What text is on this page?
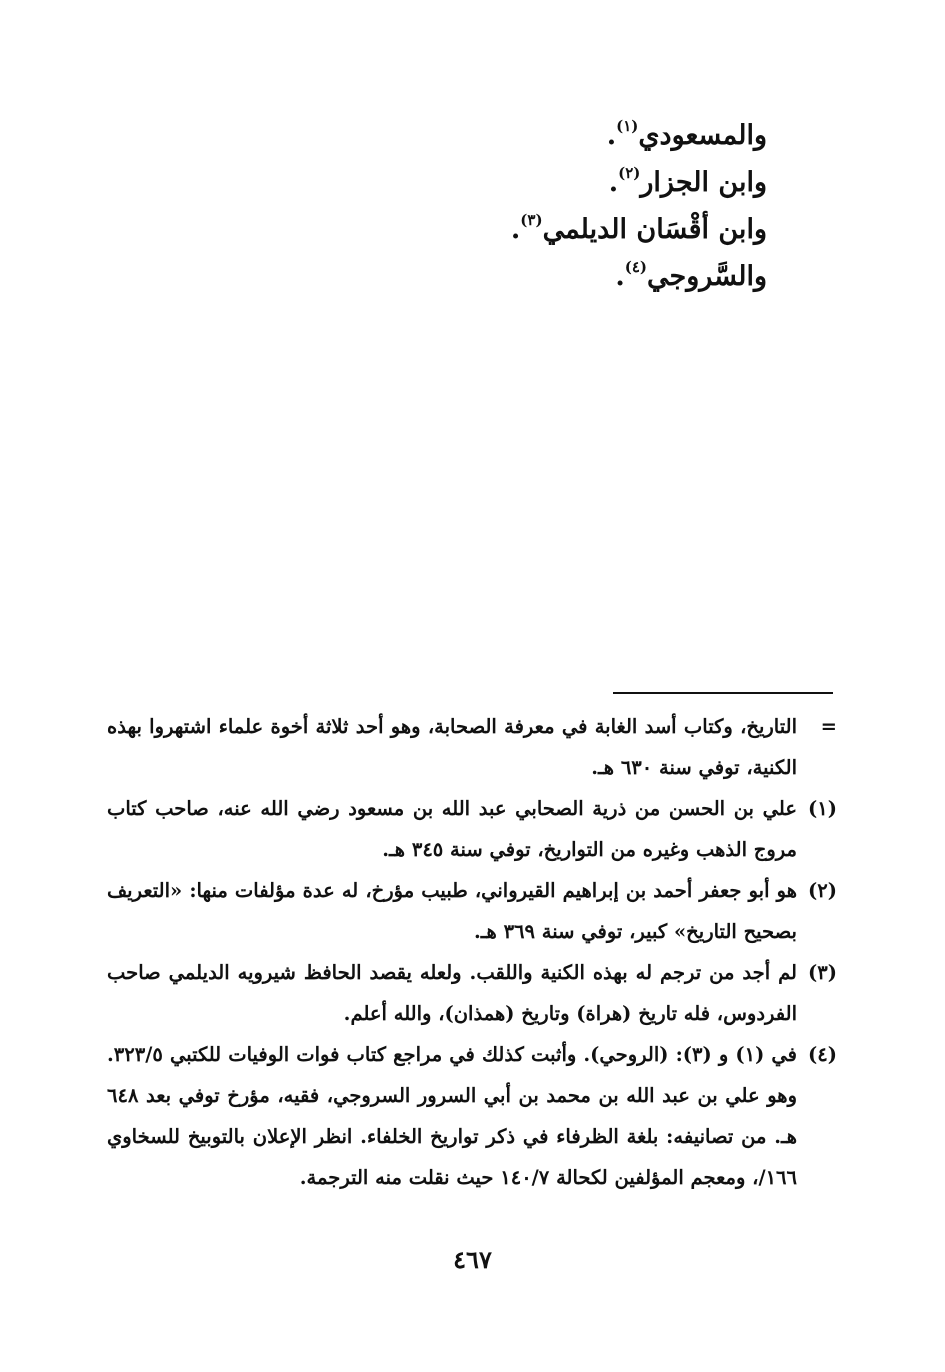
والمسعودي$^{(١)}$.
وابن الجزار$^{(٢)}$.
وابن أقْسَان الديلمي$^{(٣)}$.
والسَّروجي$^{(٤)}$.
=
التاريخ، وكتاب أسد الغابة في معرفة الصحابة، وهو أحد ثلاثة أخوة علماء اشتهروا بهذه الكنية، توفي سنة ٦٣٠ هـ.
(١)
علي بن الحسن من ذرية الصحابي عبد الله بن مسعود رضي الله عنه، صاحب كتاب مروج الذهب وغيره من التواريخ، توفي سنة ٣٤٥ هـ.
(٢)
هو أبو جعفر أحمد بن إبراهيم القيرواني، طبيب مؤرخ، له عدة مؤلفات منها: «التعريف بصحيح التاريخ» كبير، توفي سنة ٣٦٩ هـ.
(٣)
لم أجد من ترجم له بهذه الكنية واللقب. ولعله يقصد الحافظ شيرويه الديلمي صاحب الفردوس، فله تاريخ (هراة) وتاريخ (همذان)، والله أعلم.
(٤)
في (١) و (٣): (الروحي). وأثبت كذلك في مراجع كتاب فوات الوفيات للكتبي ٣٢٣/٥. وهو علي بن عبد الله بن محمد بن أبي السرور السروجي، فقيه، مؤرخ توفي بعد ٦٤٨ هـ. من تصانيفه: بلغة الظرفاء في ذكر تواريخ الخلفاء. انظر الإعلان بالتوبيخ للسخاوي ١٦٦/، ومعجم المؤلفين لكحالة ١٤٠/٧ حيث نقلت منه الترجمة.
٤٦٧
